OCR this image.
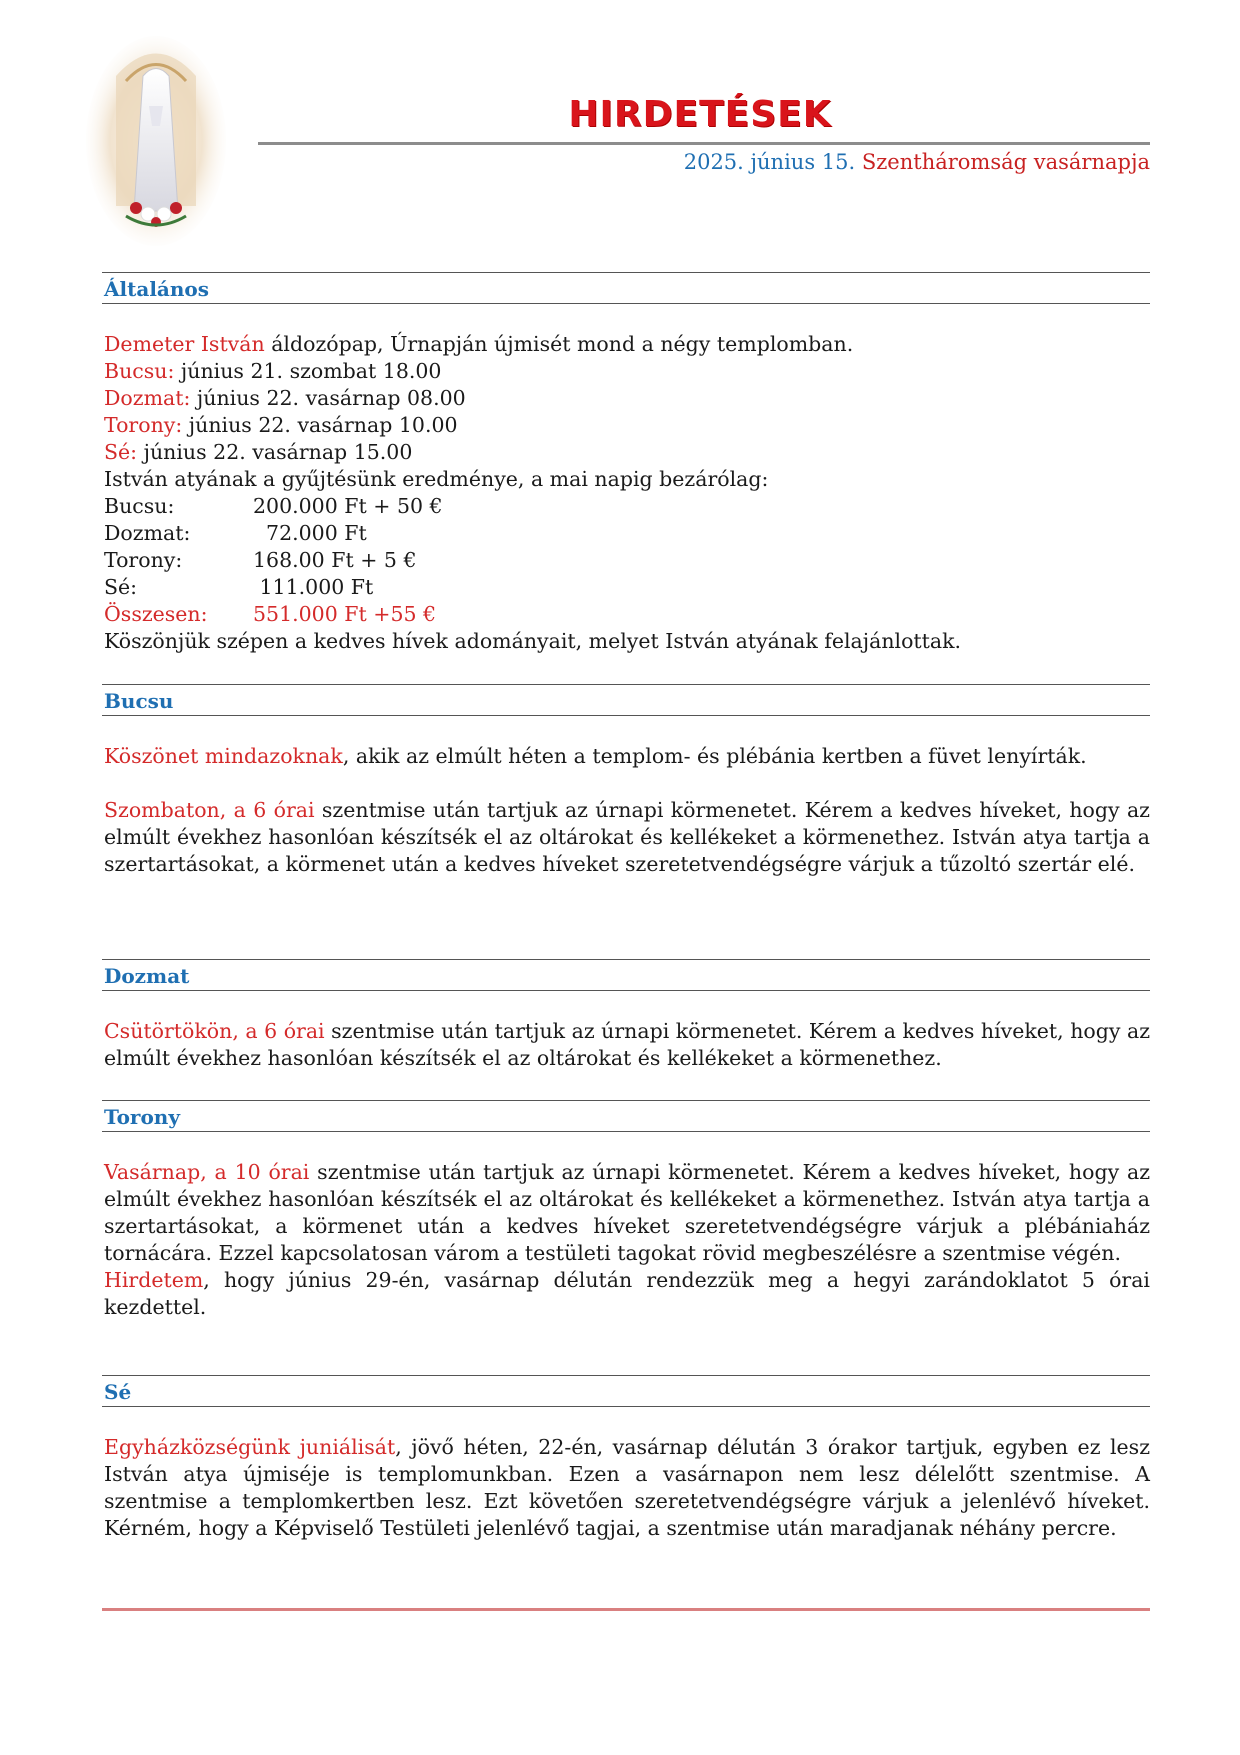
HIRDETÉSEK
2025. június 15. Szentháromság vasárnapja
Általános

Demeter István áldozópap, Úrnapján újmisét mond a négy templomban.

Bucsu: június 21. szombat 18.00

Dozmat: június 22. vasárnap 08.00

Torony: június 22. vasárnap 10.00

Sé: június 22. vasárnap 15.00

István atyának a gyűjtésünk eredménye, a mai napig bezárólag:

Bucsu:	200.000 Ft + 50 €
Dozmat:	72.000 Ft
Torony:	168.00 Ft + 5 €
Sé:	111.000 Ft
Összesen:	551.000 Ft +55 €

Köszönjük szépen a kedves hívek adományait, melyet István atyának felajánlottak.

Bucsu

Köszönet mindazoknak, akik az elmúlt héten a templom- és plébánia kertben a füvet lenyírták.

Szombaton, a 6 órai szentmise után tartjuk az úrnapi körmenetet. Kérem a kedves híveket, hogy az elmúlt évekhez hasonlóan készítsék el az oltárokat és kellékeket a körmenethez. István atya tartja a szertartásokat, a körmenet után a kedves híveket szeretetvendégségre várjuk a tűzoltó szertár elé.

Dozmat

Csütörtökön, a 6 órai szentmise után tartjuk az úrnapi körmenetet. Kérem a kedves híveket, hogy az elmúlt évekhez hasonlóan készítsék el az oltárokat és kellékeket a körmenethez.

Torony

Vasárnap, a 10 órai szentmise után tartjuk az úrnapi körmenetet. Kérem a kedves híveket, hogy az elmúlt évekhez hasonlóan készítsék el az oltárokat és kellékeket a körmenethez. István atya tartja a szertartásokat, a körmenet után a kedves híveket szeretetvendégségre várjuk a plébániaház tornácára. Ezzel kapcsolatosan várom a testületi tagokat rövid megbeszélésre a szentmise végén.

Hirdetem, hogy június 29-én, vasárnap délután rendezzük meg a hegyi zarándoklatot 5 órai kezdettel.

Sé

Egyházközségünk juniálisát, jövő héten, 22-én, vasárnap délután 3 órakor tartjuk, egyben ez lesz István atya újmiséje is templomunkban. Ezen a vasárnapon nem lesz délelőtt szentmise. A szentmise a templomkertben lesz. Ezt követően szeretetvendégségre várjuk a jelenlévő híveket. Kérném, hogy a Képviselő Testületi jelenlévő tagjai, a szentmise után maradjanak néhány percre.
